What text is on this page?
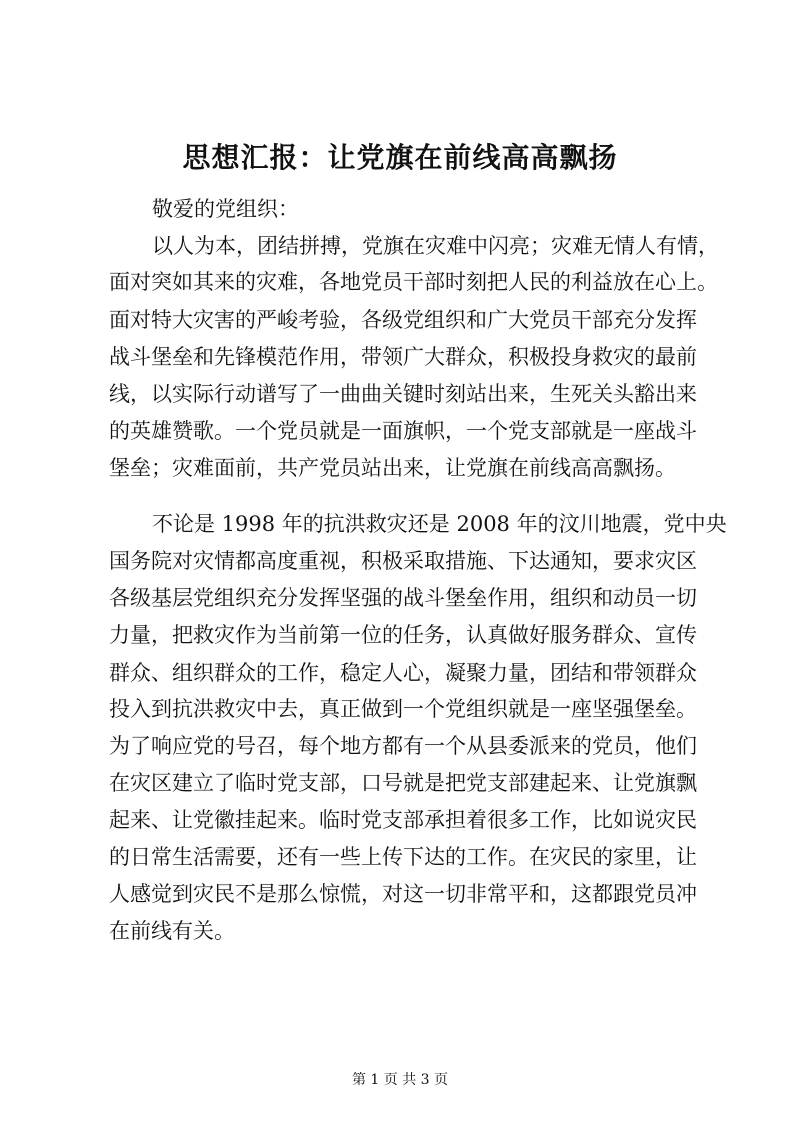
思想汇报：让党旗在前线高高飘扬
敬爱的党组织：
以人为本，团结拼搏，党旗在灾难中闪亮；灾难无情人有情，
面对突如其来的灾难，各地党员干部时刻把人民的利益放在心上。
面对特大灾害的严峻考验，各级党组织和广大党员干部充分发挥
战斗堡垒和先锋模范作用，带领广大群众，积极投身救灾的最前
线，以实际行动谱写了一曲曲关键时刻站出来，生死关头豁出来
的英雄赞歌。一个党员就是一面旗帜，一个党支部就是一座战斗
堡垒；灾难面前，共产党员站出来，让党旗在前线高高飘扬。
不论是 1998 年的抗洪救灾还是 2008 年的汶川地震，党中央
国务院对灾情都高度重视，积极采取措施、下达通知，要求灾区
各级基层党组织充分发挥坚强的战斗堡垒作用，组织和动员一切
力量，把救灾作为当前第一位的任务，认真做好服务群众、宣传
群众、组织群众的工作，稳定人心，凝聚力量，团结和带领群众
投入到抗洪救灾中去，真正做到一个党组织就是一座坚强堡垒。
为了响应党的号召，每个地方都有一个从县委派来的党员，他们
在灾区建立了临时党支部，口号就是把党支部建起来、让党旗飘
起来、让党徽挂起来。临时党支部承担着很多工作，比如说灾民
的日常生活需要，还有一些上传下达的工作。在灾民的家里，让
人感觉到灾民不是那么惊慌，对这一切非常平和，这都跟党员冲
在前线有关。
第 1 页 共 3 页
